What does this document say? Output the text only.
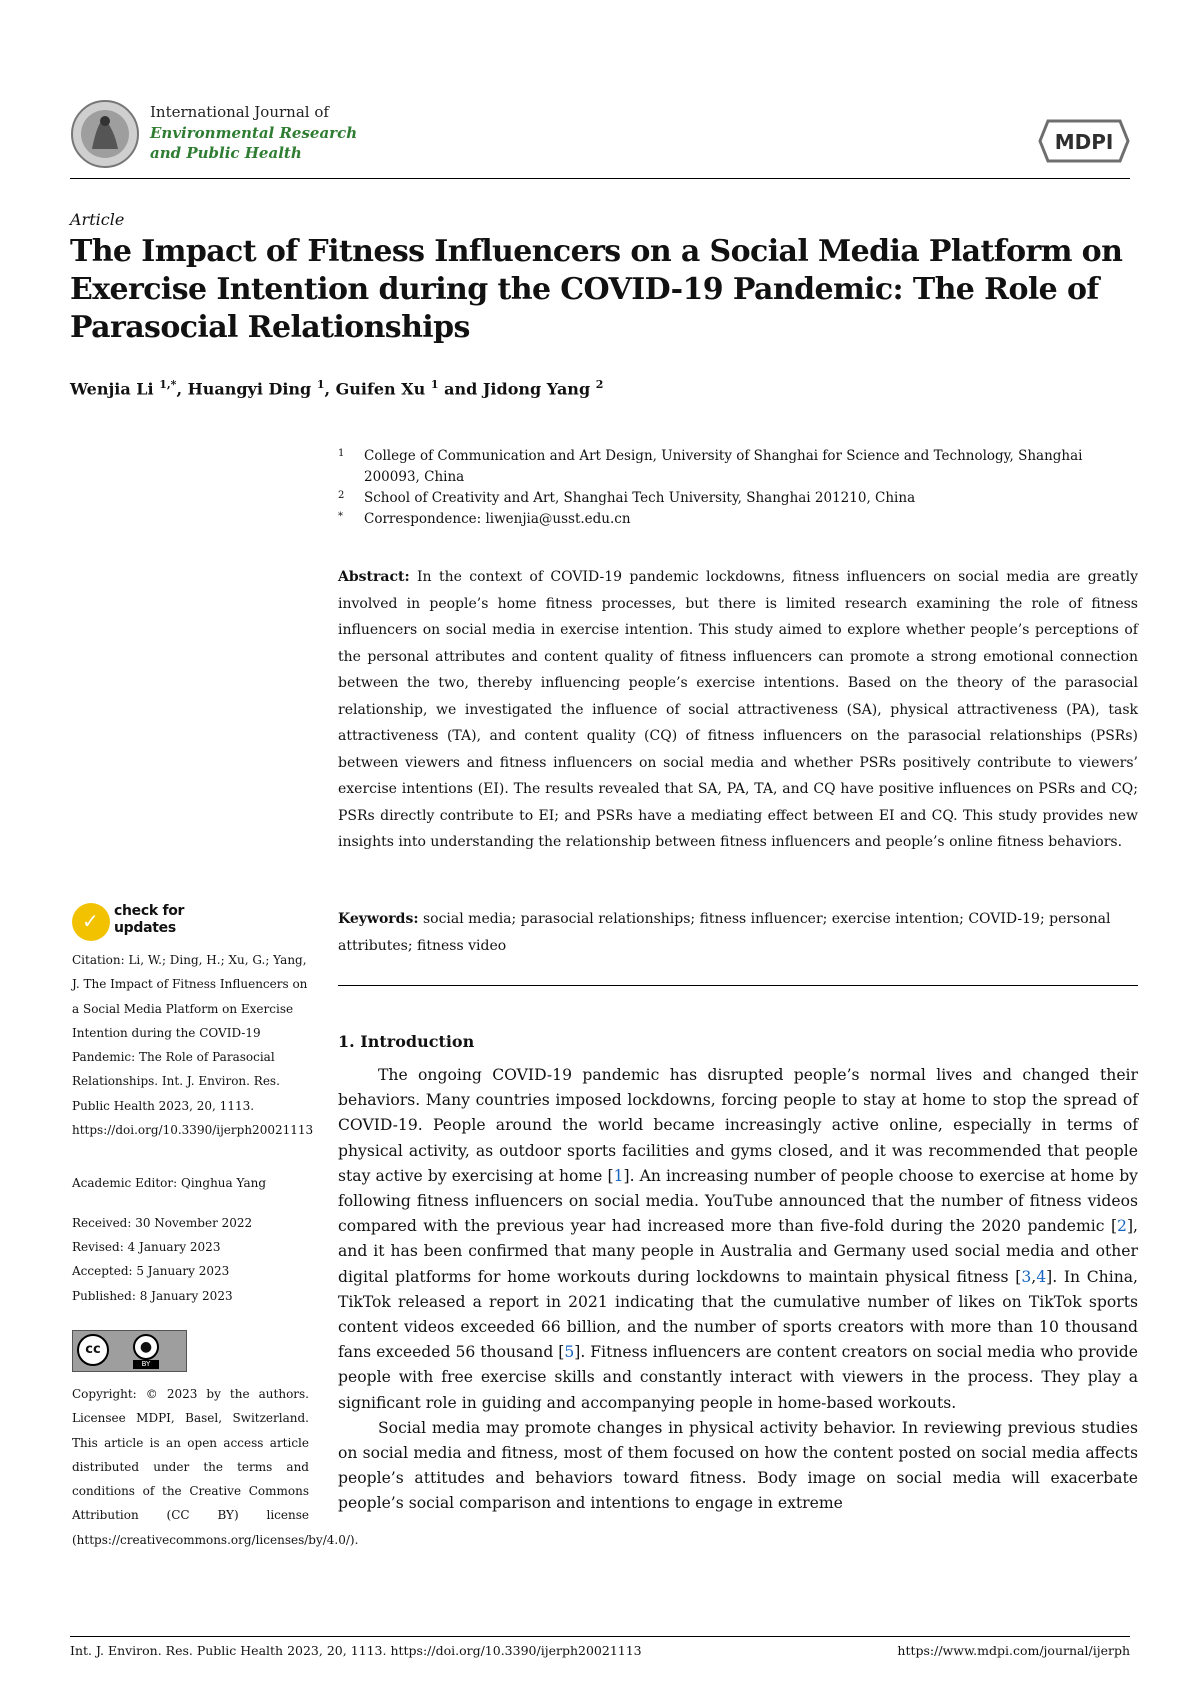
International Journal of
Environmental Research
and Public Health	MDPI
Article
The Impact of Fitness Influencers on a Social Media Platform on Exercise Intention during the COVID-19 Pandemic: The Role of Parasocial Relationships
Wenjia Li $^{1,*}$, Huangyi Ding $^1$, Guifen Xu $^1$ and Jidong Yang $^2$
1 College of Communication and Art Design, University of Shanghai for Science and Technology, Shanghai 200093, China
2 School of Creativity and Art, Shanghai Tech University, Shanghai 201210, China
* Correspondence: liwenjia@usst.edu.cn
Abstract: In the context of COVID-19 pandemic lockdowns, fitness influencers on social media are greatly involved in people’s home fitness processes, but there is limited research examining the role of fitness influencers on social media in exercise intention. This study aimed to explore whether people’s perceptions of the personal attributes and content quality of fitness influencers can promote a strong emotional connection between the two, thereby influencing people’s exercise intentions. Based on the theory of the parasocial relationship, we investigated the influence of social attractiveness (SA), physical attractiveness (PA), task attractiveness (TA), and content quality (CQ) of fitness influencers on the parasocial relationships (PSRs) between viewers and fitness influencers on social media and whether PSRs positively contribute to viewers’ exercise intentions (EI). The results revealed that SA, PA, TA, and CQ have positive influences on PSRs and CQ; PSRs directly contribute to EI; and PSRs have a mediating effect between EI and CQ. This study provides new insights into understanding the relationship between fitness influencers and people’s online fitness behaviors.
Keywords: social media; parasocial relationships; fitness influencer; exercise intention; COVID-19; personal attributes; fitness video
1. Introduction

The ongoing COVID-19 pandemic has disrupted people’s normal lives and changed their behaviors. Many countries imposed lockdowns, forcing people to stay at home to stop the spread of COVID-19. People around the world became increasingly active online, especially in terms of physical activity, as outdoor sports facilities and gyms closed, and it was recommended that people stay active by exercising at home [1]. An increasing number of people choose to exercise at home by following fitness influencers on social media. YouTube announced that the number of fitness videos compared with the previous year had increased more than five-fold during the 2020 pandemic [2], and it has been confirmed that many people in Australia and Germany used social media and other digital platforms for home workouts during lockdowns to maintain physical fitness [3,4]. In China, TikTok released a report in 2021 indicating that the cumulative number of likes on TikTok sports content videos exceeded 66 billion, and the number of sports creators with more than 10 thousand fans exceeded 56 thousand [5]. Fitness influencers are content creators on social media who provide people with free exercise skills and constantly interact with viewers in the process. They play a significant role in guiding and accompanying people in home-based workouts.

Social media may promote changes in physical activity behavior. In reviewing previous studies on social media and fitness, most of them focused on how the content posted on social media affects people’s attitudes and behaviors toward fitness. Body image on social media will exacerbate people’s social comparison and intentions to engage in extreme

✓ check for
updates
Citation: Li, W.; Ding, H.; Xu, G.; Yang, J. The Impact of Fitness Influencers on a Social Media Platform on Exercise Intention during the COVID-19 Pandemic: The Role of Parasocial Relationships. Int. J. Environ. Res. Public Health 2023, 20, 1113. https://doi.org/10.3390/ijerph20021113
Academic Editor: Qinghua Yang
Received: 30 November 2022
Revised: 4 January 2023
Accepted: 5 January 2023
Published: 8 January 2023
cc	●
BY
Copyright: © 2023 by the authors. Licensee MDPI, Basel, Switzerland. This article is an open access article distributed under the terms and conditions of the Creative Commons Attribution (CC BY) license (https://creativecommons.org/licenses/by/4.0/).
Int. J. Environ. Res. Public Health 2023, 20, 1113. https://doi.org/10.3390/ijerph20021113	https://www.mdpi.com/journal/ijerph
